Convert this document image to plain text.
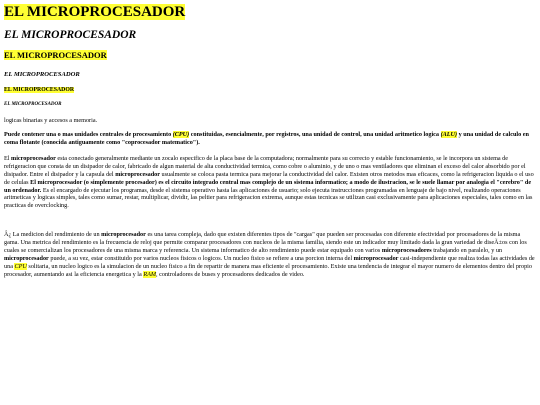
EL MICROPROCESADOR
EL MICROPROCESADOR
EL MICROPROCESADOR
EL MICROPROCESADOR
EL MICROPROCESADOR
EL MICROPROCESADOR

logicas binarias y accesos a memoria.

Puede contener una o mas unidades centrales de procesamiento (CPU) constituidas, esencialmente, por registros, una unidad de control, una unidad aritmetico logica (ALU) y una unidad de calculo en coma flotante (conocida antiguamente como "coprocesador matematico").

El microprocesador esta conectado generalmente mediante un zocalo especifico de la placa base de la computadora; normalmente para su correcto y estable funcionamiento, se le incorpora un sistema de refrigeracion que consta de un disipador de calor, fabricado de algun material de alta conductividad termica, como cobre o aluminio, y de uno o mas ventiladores que eliminan el exceso del calor absorbido por el disipador. Entre el disipador y la capsula del microprocesador usualmente se coloca pasta termica para mejorar la conductividad del calor. Existen otros metodos mas eficaces, como la refrigeracion liquida o el uso de celulas El microprocesador (o simplemente procesador) es el circuito integrado central mas complejo de un sistema informatico; a modo de ilustracion, se le suele llamar por analogia el "cerebro" de un ordenador. Es el encargado de ejecutar los programas, desde el sistema operativo hasta las aplicaciones de usuario; solo ejecuta instrucciones programadas en lenguaje de bajo nivel, realizando operaciones aritmeticas y logicas simples, tales como sumar, restar, multiplicar, dividir, las peltier para refrigeracion extrema, aunque estas tecnicas se utilizan casi exclusivamente para aplicaciones especiales, tales como en las practicas de overclocking.

Â¿ La medicion del rendimiento de un microprocesador es una tarea compleja, dado que existen diferentes tipos de "cargas" que pueden ser procesadas con diferente efectividad por procesadores de la misma gama. Una metrica del rendimiento es la frecuencia de reloj que permite comparar procesadores con nucleos de la misma familia, siendo este un indicador muy limitado dada la gran variedad de diseÃ±os con los cuales se comercializan los procesadores de una misma marca y referencia. Un sistema informatico de alto rendimiento puede estar equipado con varios microprocesadores trabajando en paralelo, y un microprocesador puede, a su vez, estar constituido por varios nucleos fisicos o logicos. Un nucleo fisico se refiere a una porcion interna del microprocesador casi-independiente que realiza todas las actividades de una CPU solitaria, un nucleo logico es la simulacion de un nucleo fisico a fin de repartir de manera mas eficiente el procesamiento. Existe una tendencia de integrar el mayor numero de elementos dentro del propio procesador, aumentando asi la eficiencia energetica y la RAM, controladores de buses y procesadores dedicados de video.
